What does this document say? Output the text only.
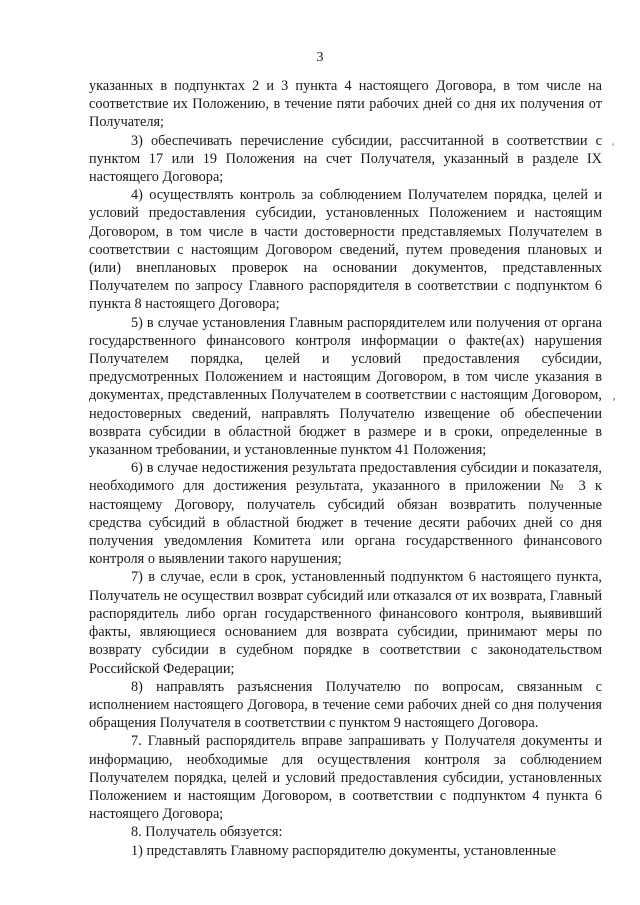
3

указанных в подпунктах 2 и 3 пункта 4 настоящего Договора, в том числе на соответствие их Положению, в течение пяти рабочих дней со дня их получения от Получателя;

3) обеспечивать перечисление субсидии, рассчитанной в соответствии с пунктом 17 или 19 Положения на счет Получателя, указанный в разделе IX настоящего Договора;

4) осуществлять контроль за соблюдением Получателем порядка, целей и условий предоставления субсидии, установленных Положением и настоящим Договором, в том числе в части достоверности представляемых Получателем в соответствии с настоящим Договором сведений, путем проведения плановых и (или) внеплановых проверок на основании документов, представленных Получателем по запросу Главного распорядителя в соответствии с подпунктом 6 пункта 8 настоящего Договора;

5) в случае установления Главным распорядителем или получения от органа государственного финансового контроля информации о факте(ах) нарушения Получателем порядка, целей и условий предоставления субсидии, предусмотренных Положением и настоящим Договором, в том числе указания в документах, представленных Получателем в соответствии с настоящим Договором, недостоверных сведений, направлять Получателю извещение об обеспечении возврата субсидии в областной бюджет в размере и в сроки, определенные в указанном требовании, и установленные пунктом 41 Положения;

6) в случае недостижения результата предоставления субсидии и показателя, необходимого для достижения результата, указанного в приложении № 3 к настоящему Договору, получатель субсидий обязан возвратить полученные средства субсидий в областной бюджет в течение десяти рабочих дней со дня получения уведомления Комитета или органа государственного финансового контроля о выявлении такого нарушения;

7) в случае, если в срок, установленный подпунктом 6 настоящего пункта, Получатель не осуществил возврат субсидий или отказался от их возврата, Главный распорядитель либо орган государственного финансового контроля, выявивший факты, являющиеся основанием для возврата субсидии, принимают меры по возврату субсидии в судебном порядке в соответствии с законодательством Российской Федерации;

8) направлять разъяснения Получателю по вопросам, связанным с исполнением настоящего Договора, в течение семи рабочих дней со дня получения обращения Получателя в соответствии с пунктом 9 настоящего Договора.

7. Главный распорядитель вправе запрашивать у Получателя документы и информацию, необходимые для осуществления контроля за соблюдением Получателем порядка, целей и условий предоставления субсидии, установленных Положением и настоящим Договором, в соответствии с подпунктом 4 пункта 6 настоящего Договора;

8. Получатель обязуется:

1) представлять Главному распорядителю документы, установленные

'
‚
